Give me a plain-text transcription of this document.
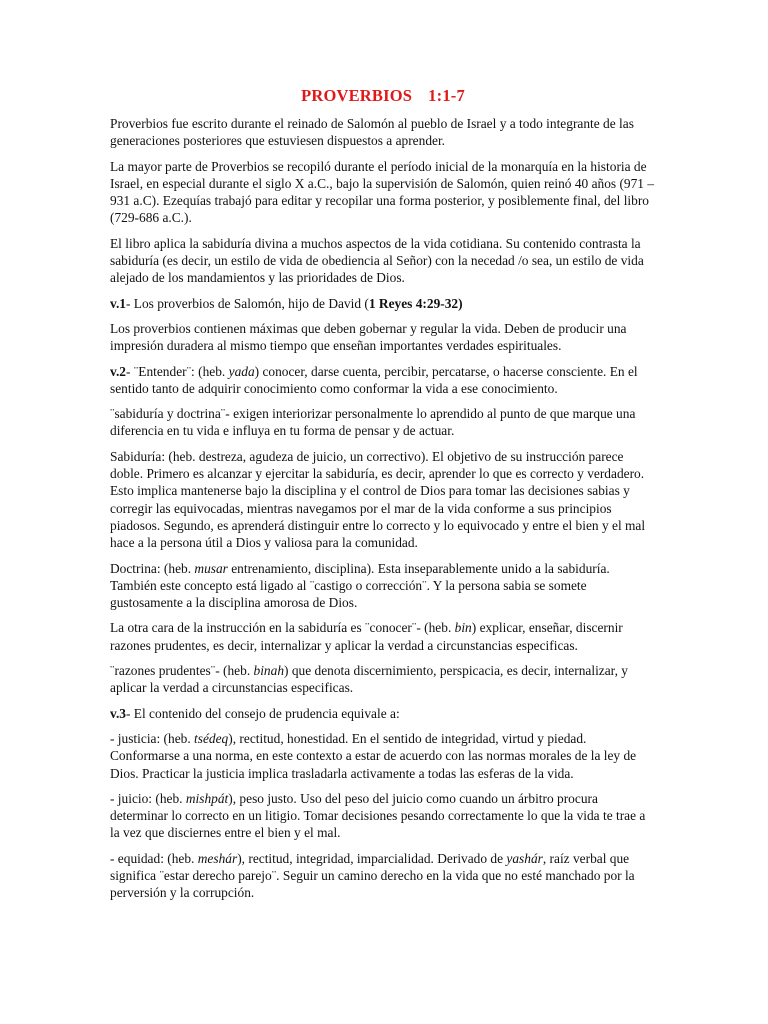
PROVERBIOS 1:1-7

Proverbios fue escrito durante el reinado de Salomón al pueblo de Israel y a todo integrante de las generaciones posteriores que estuviesen dispuestos a aprender.

La mayor parte de Proverbios se recopiló durante el período inicial de la monarquía en la historia de Israel, en especial durante el siglo X a.C., bajo la supervisión de Salomón, quien reinó 40 años (971 – 931 a.C). Ezequías trabajó para editar y recopilar una forma posterior, y posiblemente final, del libro (729-686 a.C.).

El libro aplica la sabiduría divina a muchos aspectos de la vida cotidiana. Su contenido contrasta la sabiduría (es decir, un estilo de vida de obediencia al Señor) con la necedad /o sea, un estilo de vida alejado de los mandamientos y las prioridades de Dios.

v.1- Los proverbios de Salomón, hijo de David (1 Reyes 4:29-32)

Los proverbios contienen máximas que deben gobernar y regular la vida. Deben de producir una impresión duradera al mismo tiempo que enseñan importantes verdades espirituales.

v.2- ¨Entender¨: (heb. yada) conocer, darse cuenta, percibir, percatarse, o hacerse consciente. En el sentido tanto de adquirir conocimiento como conformar la vida a ese conocimiento.

¨sabiduría y doctrina¨- exigen interiorizar personalmente lo aprendido al punto de que marque una diferencia en tu vida e influya en tu forma de pensar y de actuar.

Sabiduría: (heb. destreza, agudeza de juicio, un correctivo). El objetivo de su instrucción parece doble. Primero es alcanzar y ejercitar la sabiduría, es decir, aprender lo que es correcto y verdadero. Esto implica mantenerse bajo la disciplina y el control de Dios para tomar las decisiones sabias y corregir las equivocadas, mientras navegamos por el mar de la vida conforme a sus principios piadosos. Segundo, es aprenderá distinguir entre lo correcto y lo equivocado y entre el bien y el mal hace a la persona útil a Dios y valiosa para la comunidad.

Doctrina: (heb. musar entrenamiento, disciplina). Esta inseparablemente unido a la sabiduría. También este concepto está ligado al ¨castigo o corrección¨. Y la persona sabia se somete gustosamente a la disciplina amorosa de Dios.

La otra cara de la instrucción en la sabiduría es ¨conocer¨- (heb. bin) explicar, enseñar, discernir razones prudentes, es decir, internalizar y aplicar la verdad a circunstancias especificas.

¨razones prudentes¨- (heb. binah) que denota discernimiento, perspicacia, es decir, internalizar, y aplicar la verdad a circunstancias especificas.

v.3- El contenido del consejo de prudencia equivale a:

- justicia: (heb. tsédeq), rectitud, honestidad. En el sentido de integridad, virtud y piedad. Conformarse a una norma, en este contexto a estar de acuerdo con las normas morales de la ley de Dios. Practicar la justicia implica trasladarla activamente a todas las esferas de la vida.

- juicio: (heb. mishpát), peso justo. Uso del peso del juicio como cuando un árbitro procura determinar lo correcto en un litigio. Tomar decisiones pesando correctamente lo que la vida te trae a la vez que disciernes entre el bien y el mal.

- equidad: (heb. meshár), rectitud, integridad, imparcialidad. Derivado de yashár, raíz verbal que significa ¨estar derecho parejo¨. Seguir un camino derecho en la vida que no esté manchado por la perversión y la corrupción.
